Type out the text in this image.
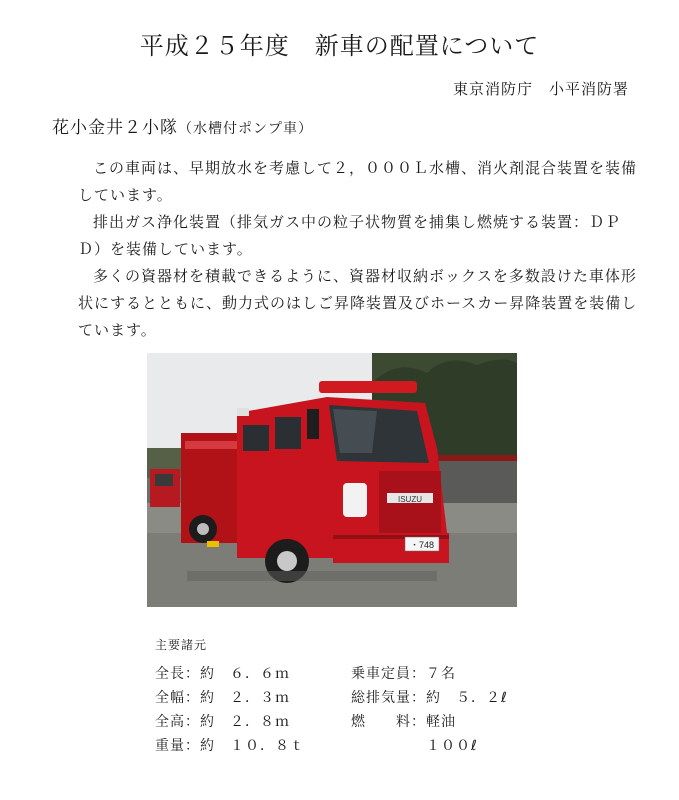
平成２５年度　新車の配置について
東京消防庁　小平消防署
花小金井２小隊（水槽付ポンプ車）

この車両は、早期放水を考慮して２，０００Ｌ水槽、消火剤混合装置を装備しています。

排出ガス浄化装置（排気ガス中の粒子状物質を捕集し燃焼する装置：ＤＰＤ）を装備しています。

多くの資器材を積載できるように、資器材収納ボックスを多数設けた車体形状にするとともに、動力式のはしご昇降装置及びホースカー昇降装置を装備しています。

ISUZU
・748
主要諸元
全長：約　６．６ｍ	乗車定員：７名
全幅：約　２．３ｍ	総排気量：約　５．２ℓ
全高：約　２．８ｍ	燃　　料：軽油
重量：約　１０．８ｔ	　　　　　１００ℓ
